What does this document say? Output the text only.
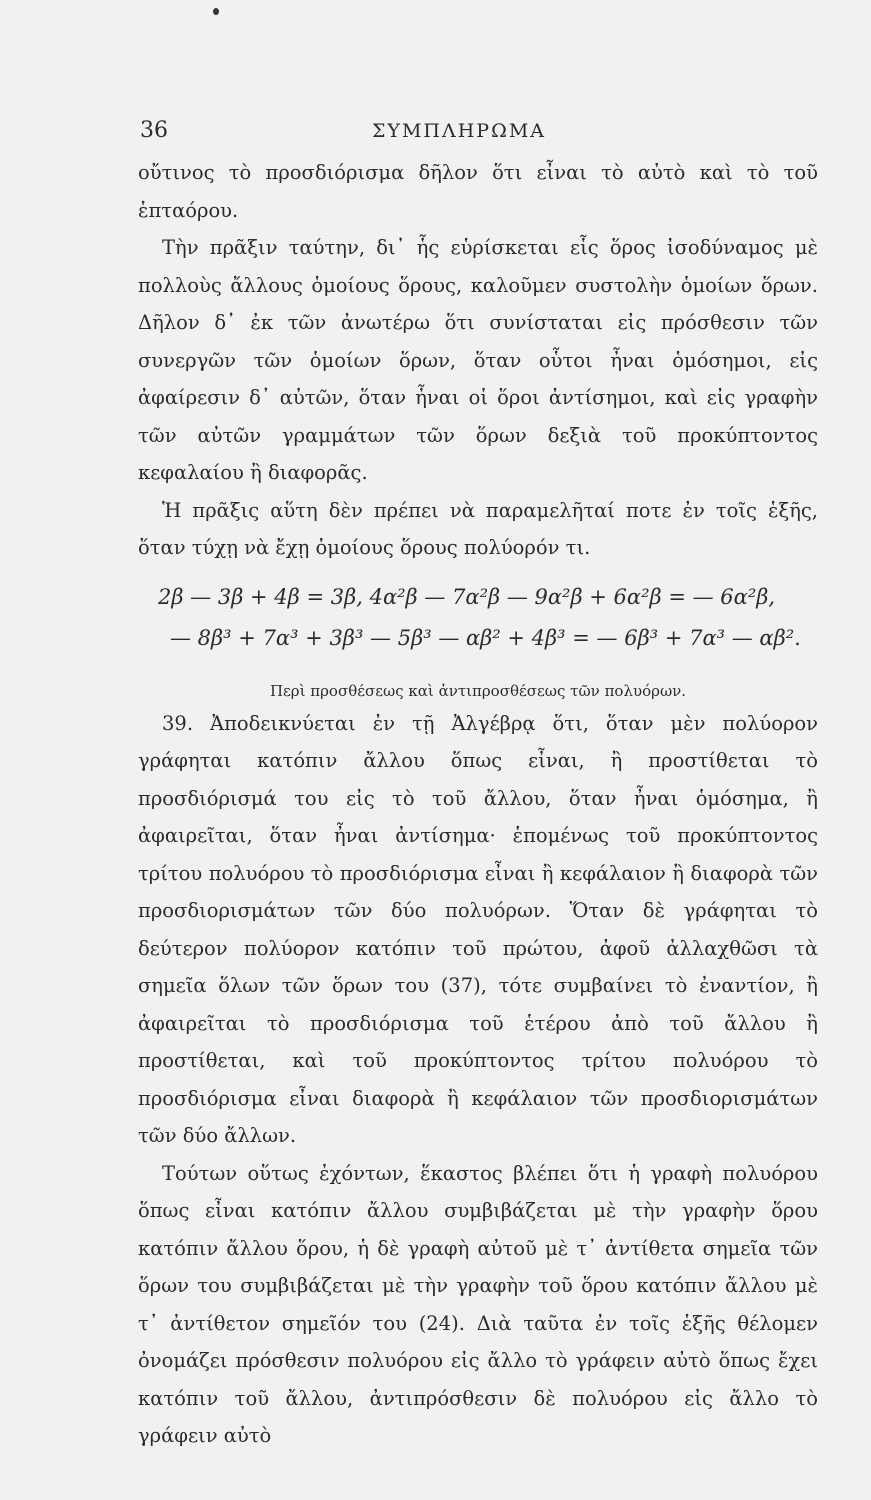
36	ΣΥΜΠΛΗΡΩΜΑ

οὔτινος τὸ προσδιόρισμα δῆλον ὅτι εἶναι τὸ αὐτὸ καὶ τὸ τοῦ ἑπταόρου.

Τὴν πρᾶξιν ταύτην, δι᾽ ἧς εὑρίσκεται εἷς ὅρος ἰσοδύναμος μὲ πολλοὺς ἄλλους ὁμοίους ὅρους, καλοῦμεν συστολὴν ὁμοίων ὅρων. Δῆλον δ᾽ ἐκ τῶν ἀνωτέρω ὅτι συνίσταται εἰς πρόσθεσιν τῶν συνεργῶν τῶν ὁμοίων ὅρων, ὅταν οὗτοι ἦναι ὁμόσημοι, εἰς ἀφαίρεσιν δ᾽ αὐτῶν, ὅταν ἦναι οἱ ὅροι ἀντίσημοι, καὶ εἰς γραφὴν τῶν αὐτῶν γραμμάτων τῶν ὅρων δεξιὰ τοῦ προκύπτοντος κεφαλαίου ἢ διαφορᾶς.

Ἡ πρᾶξις αὕτη δὲν πρέπει νὰ παραμελῆταί ποτε ἐν τοῖς ἑξῆς, ὅταν τύχῃ νὰ ἔχῃ ὁμοίους ὅρους πολύορόν τι.

2β — 3β + 4β = 3β, 4α²β — 7α²β — 9α²β + 6α²β = — 6α²β,
— 8β³ + 7α³ + 3β³ — 5β³ — αβ² + 4β³ = — 6β³ + 7α³ — αβ².
Περὶ προσθέσεως καὶ ἀντιπροσθέσεως τῶν πολυόρων.

39. Ἀποδεικνύεται ἐν τῇ Ἀλγέβρᾳ ὅτι, ὅταν μὲν πολύορον γράφηται κατόπιν ἄλλου ὅπως εἶναι, ἢ προστίθεται τὸ προσδιόρισμά του εἰς τὸ τοῦ ἄλλου, ὅταν ἦναι ὁμόσημα, ἢ ἀφαιρεῖται, ὅταν ἦναι ἀντίσημα· ἑπομένως τοῦ προκύπτοντος τρίτου πολυόρου τὸ προσδιόρισμα εἶναι ἢ κεφάλαιον ἢ διαφορὰ τῶν προσδιορισμάτων τῶν δύο πολυόρων. Ὅταν δὲ γράφηται τὸ δεύτερον πολύορον κατόπιν τοῦ πρώτου, ἀφοῦ ἀλλαχθῶσι τὰ σημεῖα ὅλων τῶν ὅρων του (37), τότε συμβαίνει τὸ ἐναντίον, ἢ ἀφαιρεῖται τὸ προσδιόρισμα τοῦ ἑτέρου ἀπὸ τοῦ ἄλλου ἢ προστίθεται, καὶ τοῦ προκύπτοντος τρίτου πολυόρου τὸ προσδιόρισμα εἶναι διαφορὰ ἢ κεφάλαιον τῶν προσδιορισμάτων τῶν δύο ἄλλων.

Τούτων οὕτως ἐχόντων, ἕκαστος βλέπει ὅτι ἡ γραφὴ πολυόρου ὅπως εἶναι κατόπιν ἄλλου συμβιβάζεται μὲ τὴν γραφὴν ὅρου κατόπιν ἄλλου ὅρου, ἡ δὲ γραφὴ αὐτοῦ μὲ τ᾽ ἀντίθετα σημεῖα τῶν ὅρων του συμβιβάζεται μὲ τὴν γραφὴν τοῦ ὅρου κατόπιν ἄλλου μὲ τ᾽ ἀντίθετον σημεῖόν του (24). Διὰ ταῦτα ἐν τοῖς ἑξῆς θέλομεν ὀνομάζει πρόσθεσιν πολυόρου εἰς ἄλλο τὸ γράφειν αὐτὸ ὅπως ἔχει κατόπιν τοῦ ἄλλου, ἀντιπρόσθεσιν δὲ πολυόρου εἰς ἄλλο τὸ γράφειν αὐτὸ
